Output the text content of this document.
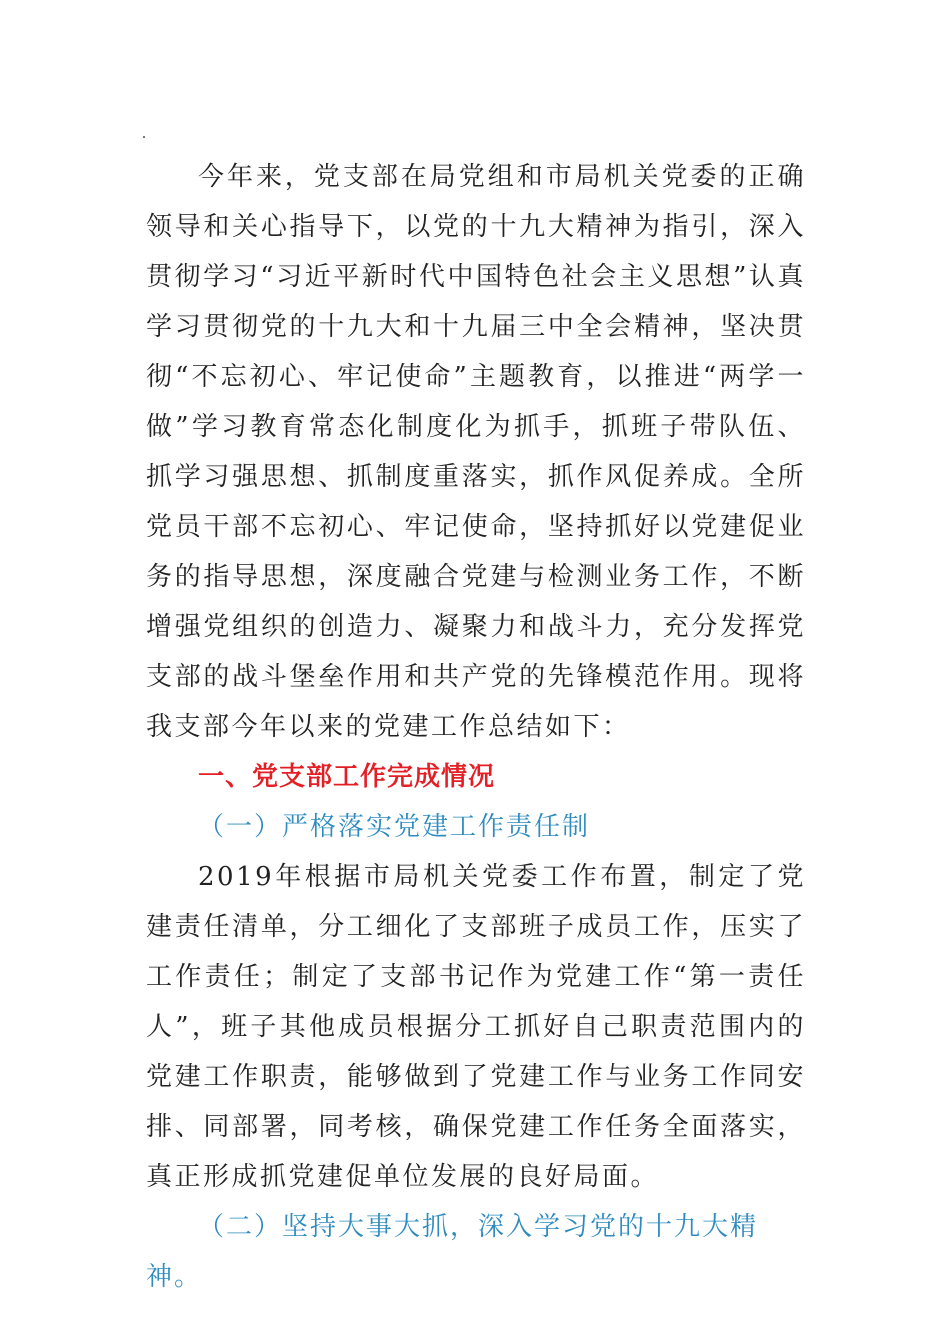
今年来，党支部在局党组和市局机关党委的正确领导和关心指导下，以党的十九大精神为指引，深入贯彻学习“习近平新时代中国特色社会主义思想”认真学习贯彻党的十九大和十九届三中全会精神，坚决贯彻“不忘初心、牢记使命”主题教育，以推进“两学一做”学习教育常态化制度化为抓手，抓班子带队伍、抓学习强思想、抓制度重落实，抓作风促养成。全所党员干部不忘初心、牢记使命，坚持抓好以党建促业务的指导思想，深度融合党建与检测业务工作，不断增强党组织的创造力、凝聚力和战斗力，充分发挥党支部的战斗堡垒作用和共产党的先锋模范作用。现将我支部今年以来的党建工作总结如下：

一、党支部工作完成情况

（一）严格落实党建工作责任制

2019年根据市局机关党委工作布置，制定了党建责任清单，分工细化了支部班子成员工作，压实了工作责任；制定了支部书记作为党建工作“第一责任人”，班子其他成员根据分工抓好自己职责范围内的党建工作职责，能够做到了党建工作与业务工作同安排、同部署，同考核，确保党建工作任务全面落实，真正形成抓党建促单位发展的良好局面。

（二）坚持大事大抓，深入学习党的十九大精神。
